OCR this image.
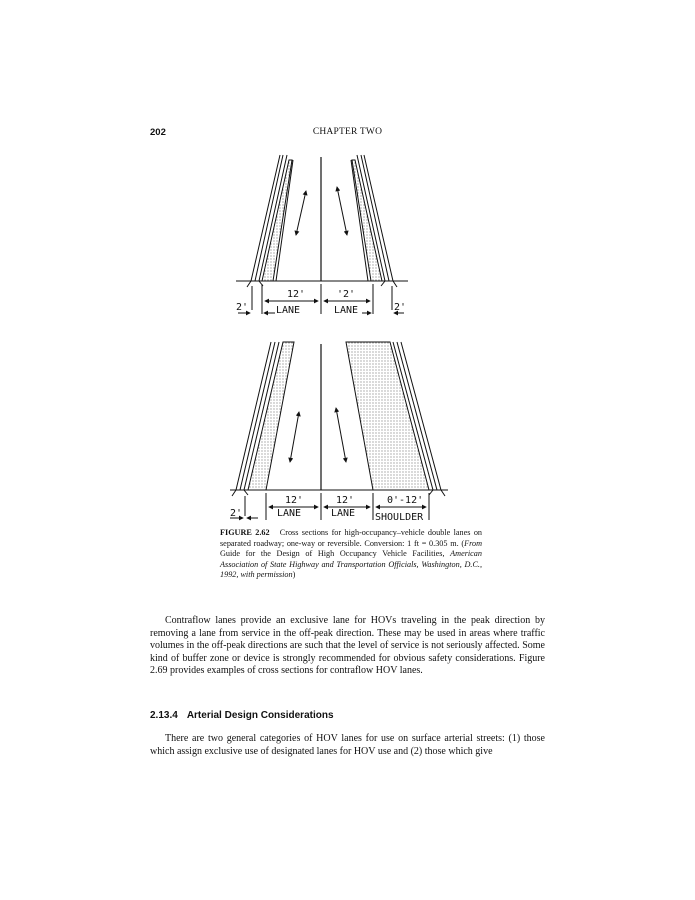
202	CHAPTER TWO
12'
LANE
'2'
LANE
2'	2'
12'
LANE
12'
LANE
0'-12'
SHOULDER
2'
FIGURE 2.62 Cross sections for high-occupancy–vehicle double lanes on separated roadway; one-way or reversible. Conversion: 1 ft = 0.305 m. (From Guide for the Design of High Occupancy Vehicle Facilities, American Association of State Highway and Transportation Officials, Washington, D.C., 1992, with permission)

Contraflow lanes provide an exclusive lane for HOVs traveling in the peak direction by removing a lane from service in the off-peak direction. These may be used in areas where traffic volumes in the off-peak directions are such that the level of service is not seriously affected. Some kind of buffer zone or device is strongly recommended for obvious safety considerations. Figure 2.69 provides examples of cross sections for contraflow HOV lanes.

2.13.4 Arterial Design Considerations

There are two general categories of HOV lanes for use on surface arterial streets: (1) those which assign exclusive use of designated lanes for HOV use and (2) those which give
